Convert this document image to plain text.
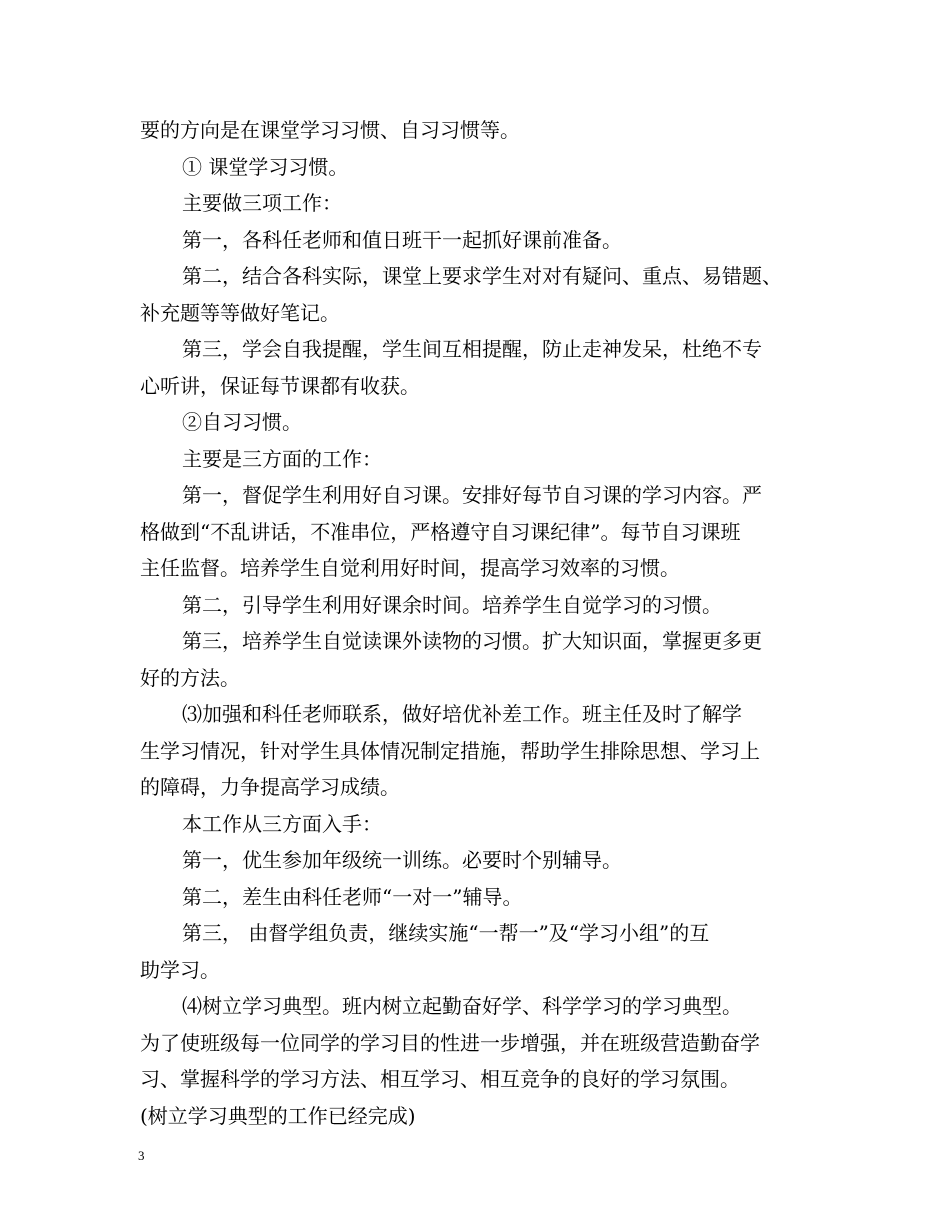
要的方向是在课堂学习习惯、自习习惯等。
① 课堂学习习惯。
主要做三项工作：
第一，各科任老师和值日班干一起抓好课前准备。
第二，结合各科实际，课堂上要求学生对对有疑问、重点、易错题、
补充题等等做好笔记。
第三，学会自我提醒，学生间互相提醒，防止走神发呆，杜绝不专
心听讲，保证每节课都有收获。
②自习习惯。
主要是三方面的工作：
第一，督促学生利用好自习课。安排好每节自习课的学习内容。严
格做到“不乱讲话，不准串位，严格遵守自习课纪律”。每节自习课班
主任监督。培养学生自觉利用好时间，提高学习效率的习惯。
第二，引导学生利用好课余时间。培养学生自觉学习的习惯。
第三，培养学生自觉读课外读物的习惯。扩大知识面，掌握更多更
好的方法。
⑶加强和科任老师联系，做好培优补差工作。班主任及时了解学
生学习情况，针对学生具体情况制定措施，帮助学生排除思想、学习上
的障碍，力争提高学习成绩。
本工作从三方面入手：
第一，优生参加年级统一训练。必要时个别辅导。
第二，差生由科任老师“一对一”辅导。
第三， 由督学组负责，继续实施“一帮一”及“学习小组”的互
助学习。
⑷树立学习典型。班内树立起勤奋好学、科学学习的学习典型。
为了使班级每一位同学的学习目的性进一步增强，并在班级营造勤奋学
习、掌握科学的学习方法、相互学习、相互竞争的良好的学习氛围。
(树立学习典型的工作已经完成)
3
